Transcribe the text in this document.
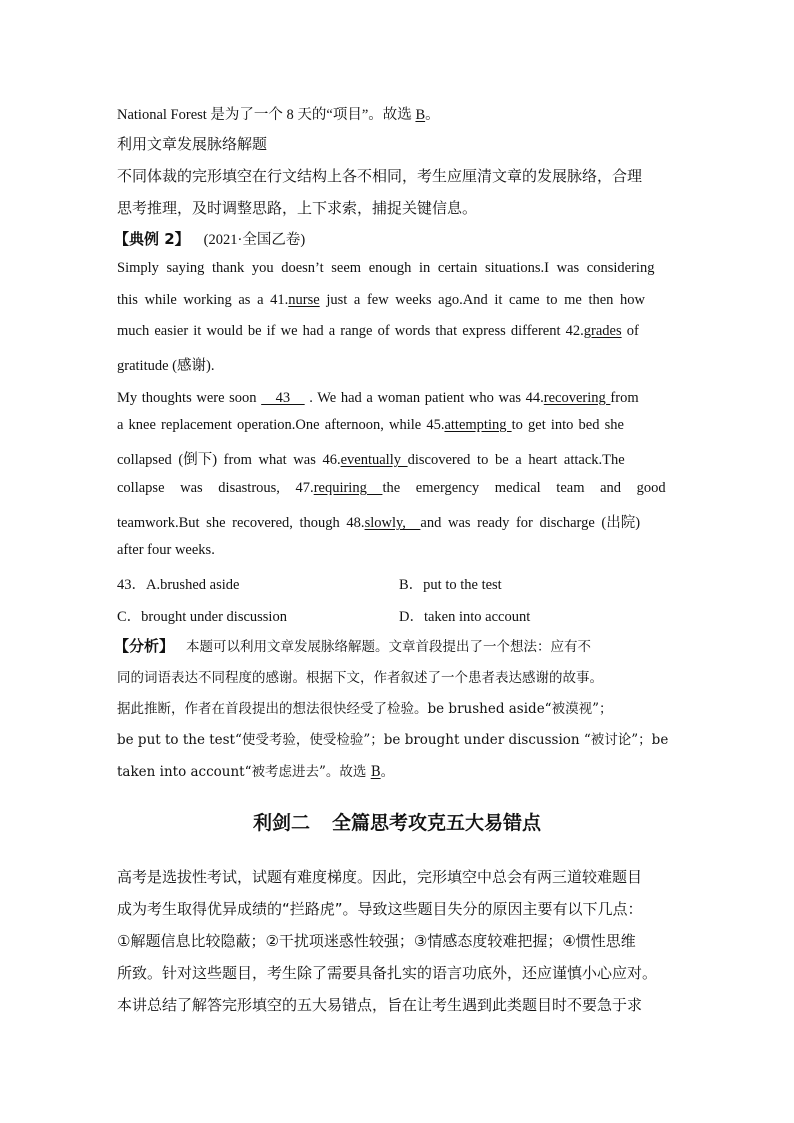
National Forest 是为了一个 8 天的“项目”。故选 B。
利用文章发展脉络解题
不同体裁的完形填空在行文结构上各不相同，考生应厘清文章的发展脉络，合理
思考推理，及时调整思路，上下求索，捕捉关键信息。
【典例 2】 (2021·全国乙卷)
Simply saying thank you doesn’t seem enough in certain situations.I was considering
this while working as a 41.nurse just a few weeks ago.And it came to me then how
much easier it would be if we had a range of words that express different 42.grades of
gratitude (感谢).
My thoughts were soon 　43　 . We had a woman patient who was 44.recovering from
a knee replacement operation.One afternoon, while 45.attempting to get into bed she
collapsed (倒下) from what was 46.eventually discovered to be a heart attack.The
collapse was disastrous, 47.requiring the emergency medical team and good
teamwork.But she recovered, though 48.slowly,　and was ready for discharge (出院)
after four weeks.
43．A.brushed aside	B．put to the test
C．brought under discussion	D．taken into account
【分析】 本题可以利用文章发展脉络解题。文章首段提出了一个想法：应有不
同的词语表达不同程度的感谢。根据下文，作者叙述了一个患者表达感谢的故事。
据此推断，作者在首段提出的想法很快经受了检验。be brushed aside“被漠视”；
be put to the test“使受考验，使受检验”；be brought under discussion “被讨论”；be
taken into account“被考虑进去”。故选 B。
利剑二 全篇思考攻克五大易错点
高考是选拔性考试，试题有难度梯度。因此，完形填空中总会有两三道较难题目
成为考生取得优异成绩的“拦路虎”。导致这些题目失分的原因主要有以下几点：
①解题信息比较隐蔽；②干扰项迷惑性较强；③情感态度较难把握；④惯性思维
所致。针对这些题目，考生除了需要具备扎实的语言功底外，还应谨慎小心应对。
本讲总结了解答完形填空的五大易错点，旨在让考生遇到此类题目时不要急于求
